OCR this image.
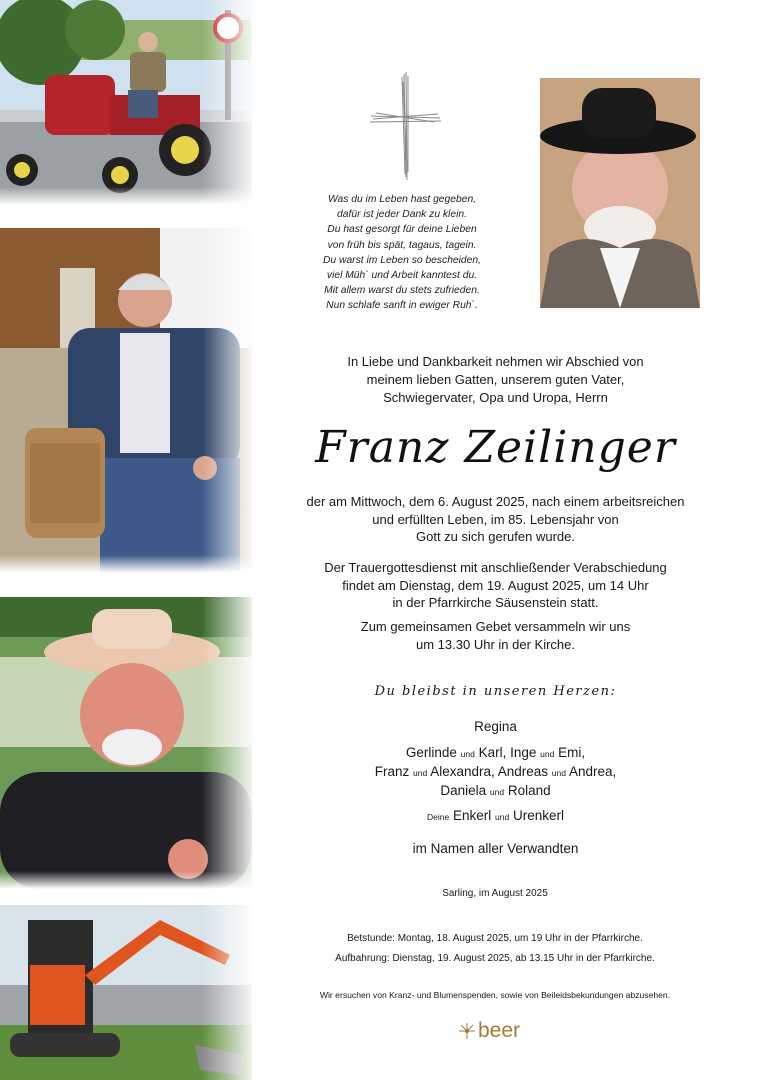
Was du im Leben hast gegeben,
dafür ist jeder Dank zu klein.
Du hast gesorgt für deine Lieben
von früh bis spät, tagaus, tagein.
Du warst im Leben so bescheiden,
viel Müh` und Arbeit kanntest du.
Mit allem warst du stets zufrieden.
Nun schlafe sanft in ewiger Ruh`.
In Liebe und Dankbarkeit nehmen wir Abschied von
meinem lieben Gatten, unserem guten Vater,
Schwiegervater, Opa und Uropa, Herrn
Franz Zeilinger
der am Mittwoch, dem 6. August 2025, nach einem arbeitsreichen
und erfüllten Leben, im 85. Lebensjahr von
Gott zu sich gerufen wurde.
Der Trauergottesdienst mit anschließender Verabschiedung
findet am Dienstag, dem 19. August 2025, um 14 Uhr
in der Pfarrkirche Säusenstein statt.
Zum gemeinsamen Gebet versammeln wir uns
um 13.30 Uhr in der Kirche.
Du bleibst in unseren Herzen:
Regina
Gerlinde und Karl, Inge und Emi,
Franz und Alexandra, Andreas und Andrea,
Daniela und Roland
Deine Enkerl und Urenkerl
im Namen aller Verwandten
Sarling, im August 2025
Betstunde: Montag, 18. August 2025, um 19 Uhr in der Pfarrkirche.
Aufbahrung: Dienstag, 19. August 2025, ab 13.15 Uhr in der Pfarrkirche.
Wir ersuchen von Kranz- und Blumenspenden, sowie von Beileidsbekundungen abzusehen.
beer
